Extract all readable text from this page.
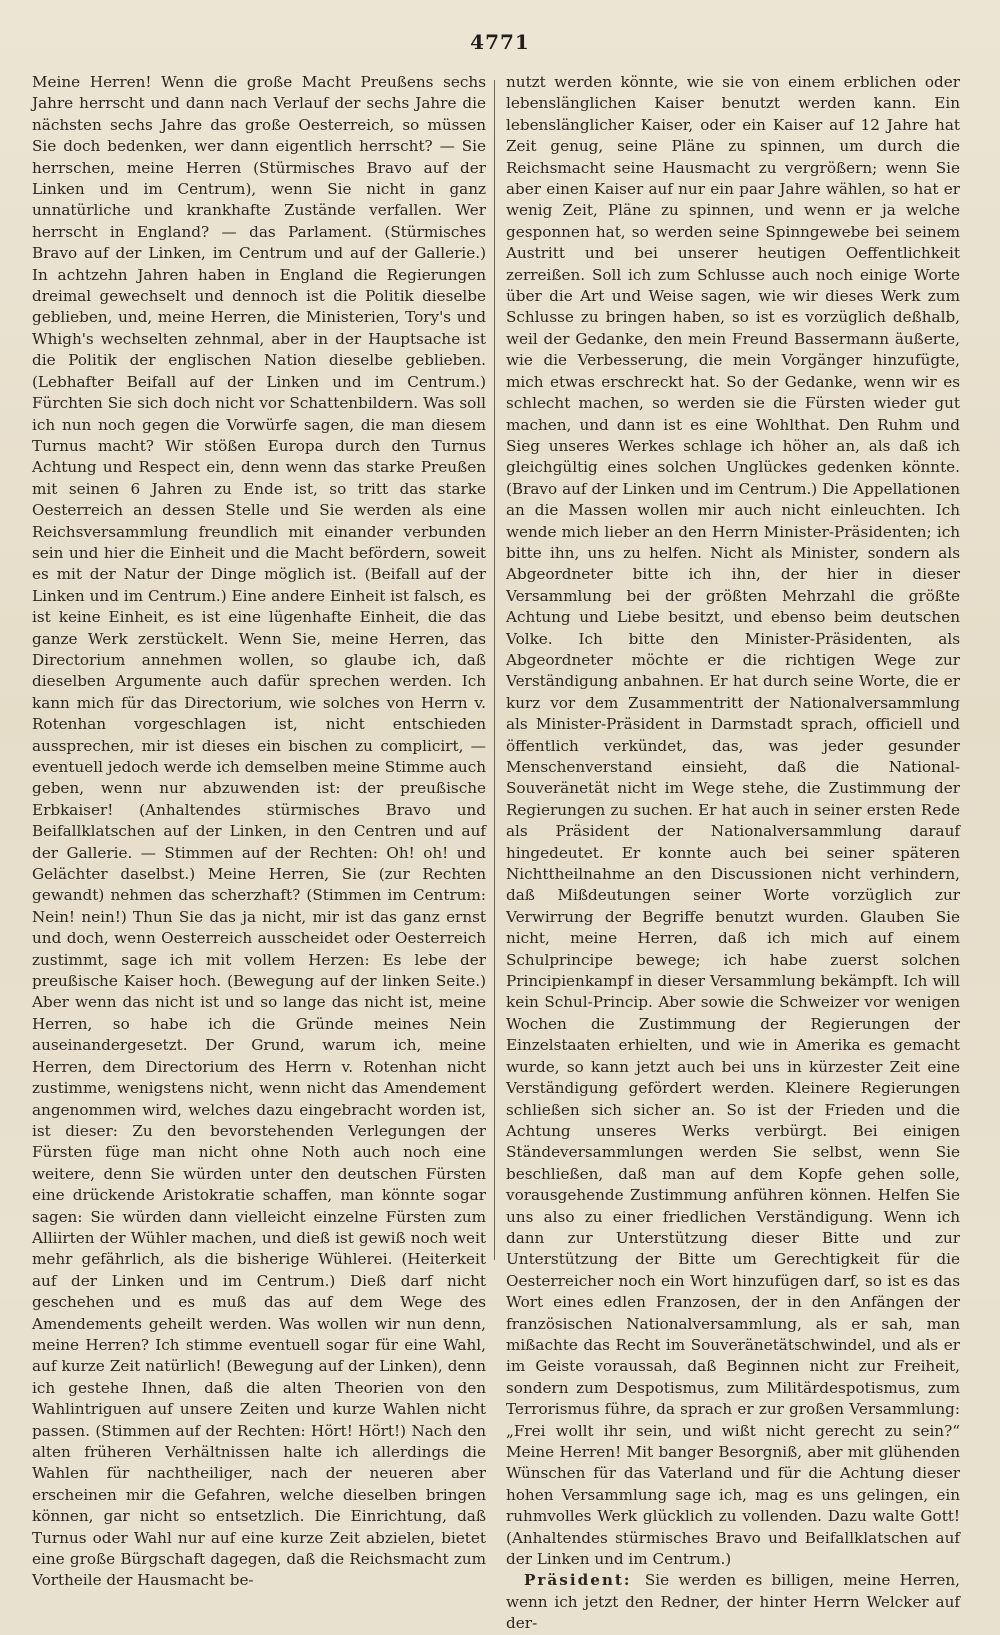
4771

Meine Herren! Wenn die große Macht Preußens sechs Jahre herrscht und dann nach Verlauf der sechs Jahre die nächsten sechs Jahre das große Oesterreich, so müssen Sie doch bedenken, wer dann eigentlich herrscht? — Sie herrschen, meine Herren (Stürmisches Bravo auf der Linken und im Centrum), wenn Sie nicht in ganz unnatürliche und krankhafte Zustände verfallen. Wer herrscht in England? — das Parlament. (Stürmisches Bravo auf der Linken, im Centrum und auf der Gallerie.) In achtzehn Jahren haben in England die Regierungen dreimal gewechselt und dennoch ist die Politik dieselbe geblieben, und, meine Herren, die Ministerien, Tory's und Whigh's wechselten zehnmal, aber in der Hauptsache ist die Politik der englischen Nation dieselbe geblieben. (Lebhafter Beifall auf der Linken und im Centrum.) Fürchten Sie sich doch nicht vor Schattenbildern. Was soll ich nun noch gegen die Vorwürfe sagen, die man diesem Turnus macht? Wir stößen Europa durch den Turnus Achtung und Respect ein, denn wenn das starke Preußen mit seinen 6 Jahren zu Ende ist, so tritt das starke Oesterreich an dessen Stelle und Sie werden als eine Reichsversammlung freundlich mit einander verbunden sein und hier die Einheit und die Macht befördern, soweit es mit der Natur der Dinge möglich ist. (Beifall auf der Linken und im Centrum.) Eine andere Einheit ist falsch, es ist keine Einheit, es ist eine lügenhafte Einheit, die das ganze Werk zerstückelt. Wenn Sie, meine Herren, das Directorium annehmen wollen, so glaube ich, daß dieselben Argumente auch dafür sprechen werden. Ich kann mich für das Directorium, wie solches von Herrn v. Rotenhan vorgeschlagen ist, nicht entschieden aussprechen, mir ist dieses ein bischen zu complicirt, — eventuell jedoch werde ich demselben meine Stimme auch geben, wenn nur abzuwenden ist: der preußische Erbkaiser! (Anhaltendes stürmisches Bravo und Beifallklatschen auf der Linken, in den Centren und auf der Gallerie. — Stimmen auf der Rechten: Oh! oh! und Gelächter daselbst.) Meine Herren, Sie (zur Rechten gewandt) nehmen das scherzhaft? (Stimmen im Centrum: Nein! nein!) Thun Sie das ja nicht, mir ist das ganz ernst und doch, wenn Oesterreich ausscheidet oder Oesterreich zustimmt, sage ich mit vollem Herzen: Es lebe der preußische Kaiser hoch. (Bewegung auf der linken Seite.) Aber wenn das nicht ist und so lange das nicht ist, meine Herren, so habe ich die Gründe meines Nein auseinandergesetzt. Der Grund, warum ich, meine Herren, dem Directorium des Herrn v. Rotenhan nicht zustimme, wenigstens nicht, wenn nicht das Amendement angenommen wird, welches dazu eingebracht worden ist, ist dieser: Zu den bevorstehenden Verlegungen der Fürsten füge man nicht ohne Noth auch noch eine weitere, denn Sie würden unter den deutschen Fürsten eine drückende Aristokratie schaffen, man könnte sogar sagen: Sie würden dann vielleicht einzelne Fürsten zum Alliirten der Wühler machen, und dieß ist gewiß noch weit mehr gefährlich, als die bisherige Wühlerei. (Heiterkeit auf der Linken und im Centrum.) Dieß darf nicht geschehen und es muß das auf dem Wege des Amendements geheilt werden. Was wollen wir nun denn, meine Herren? Ich stimme eventuell sogar für eine Wahl, auf kurze Zeit natürlich! (Bewegung auf der Linken), denn ich gestehe Ihnen, daß die alten Theorien von den Wahlintriguen auf unsere Zeiten und kurze Wahlen nicht passen. (Stimmen auf der Rechten: Hört! Hört!) Nach den alten früheren Verhältnissen halte ich allerdings die Wahlen für nachtheiliger, nach der neueren aber erscheinen mir die Gefahren, welche dieselben bringen können, gar nicht so entsetzlich. Die Einrichtung, daß Turnus oder Wahl nur auf eine kurze Zeit abzielen, bietet eine große Bürgschaft dagegen, daß die Reichsmacht zum Vortheile der Hausmacht be-

nutzt werden könnte, wie sie von einem erblichen oder lebenslänglichen Kaiser benutzt werden kann. Ein lebenslänglicher Kaiser, oder ein Kaiser auf 12 Jahre hat Zeit genug, seine Pläne zu spinnen, um durch die Reichsmacht seine Hausmacht zu vergrößern; wenn Sie aber einen Kaiser auf nur ein paar Jahre wählen, so hat er wenig Zeit, Pläne zu spinnen, und wenn er ja welche gesponnen hat, so werden seine Spinngewebe bei seinem Austritt und bei unserer heutigen Oeffentlichkeit zerreißen. Soll ich zum Schlusse auch noch einige Worte über die Art und Weise sagen, wie wir dieses Werk zum Schlusse zu bringen haben, so ist es vorzüglich deßhalb, weil der Gedanke, den mein Freund Bassermann äußerte, wie die Verbesserung, die mein Vorgänger hinzufügte, mich etwas erschreckt hat. So der Gedanke, wenn wir es schlecht machen, so werden sie die Fürsten wieder gut machen, und dann ist es eine Wohlthat. Den Ruhm und Sieg unseres Werkes schlage ich höher an, als daß ich gleichgültig eines solchen Unglückes gedenken könnte. (Bravo auf der Linken und im Centrum.) Die Appellationen an die Massen wollen mir auch nicht einleuchten. Ich wende mich lieber an den Herrn Minister-Präsidenten; ich bitte ihn, uns zu helfen. Nicht als Minister, sondern als Abgeordneter bitte ich ihn, der hier in dieser Versammlung bei der größten Mehrzahl die größte Achtung und Liebe besitzt, und ebenso beim deutschen Volke. Ich bitte den Minister-Präsidenten, als Abgeordneter möchte er die richtigen Wege zur Verständigung anbahnen. Er hat durch seine Worte, die er kurz vor dem Zusammentritt der Nationalversammlung als Minister-Präsident in Darmstadt sprach, officiell und öffentlich verkündet, das, was jeder gesunder Menschenverstand einsieht, daß die National-Souveränetät nicht im Wege stehe, die Zustimmung der Regierungen zu suchen. Er hat auch in seiner ersten Rede als Präsident der Nationalversammlung darauf hingedeutet. Er konnte auch bei seiner späteren Nichttheilnahme an den Discussionen nicht verhindern, daß Mißdeutungen seiner Worte vorzüglich zur Verwirrung der Begriffe benutzt wurden. Glauben Sie nicht, meine Herren, daß ich mich auf einem Schulprincipe bewege; ich habe zuerst solchen Principienkampf in dieser Versammlung bekämpft. Ich will kein Schul-Princip. Aber sowie die Schweizer vor wenigen Wochen die Zustimmung der Regierungen der Einzelstaaten erhielten, und wie in Amerika es gemacht wurde, so kann jetzt auch bei uns in kürzester Zeit eine Verständigung gefördert werden. Kleinere Regierungen schließen sich sicher an. So ist der Frieden und die Achtung unseres Werks verbürgt. Bei einigen Ständeversammlungen werden Sie selbst, wenn Sie beschließen, daß man auf dem Kopfe gehen solle, vorausgehende Zustimmung anführen können. Helfen Sie uns also zu einer friedlichen Verständigung. Wenn ich dann zur Unterstützung dieser Bitte und zur Unterstützung der Bitte um Gerechtigkeit für die Oesterreicher noch ein Wort hinzufügen darf, so ist es das Wort eines edlen Franzosen, der in den Anfängen der französischen Nationalversammlung, als er sah, man mißachte das Recht im Souveränetätschwindel, und als er im Geiste voraussah, daß Beginnen nicht zur Freiheit, sondern zum Despotismus, zum Militärdespotismus, zum Terrorismus führe, da sprach er zur großen Versammlung: „Frei wollt ihr sein, und wißt nicht gerecht zu sein?“ Meine Herren! Mit banger Besorgniß, aber mit glühenden Wünschen für das Vaterland und für die Achtung dieser hohen Versammlung sage ich, mag es uns gelingen, ein ruhmvolles Werk glücklich zu vollenden. Dazu walte Gott! (Anhaltendes stürmisches Bravo und Beifallklatschen auf der Linken und im Centrum.)

Präsident: Sie werden es billigen, meine Herren, wenn ich jetzt den Redner, der hinter Herrn Welcker auf der-
